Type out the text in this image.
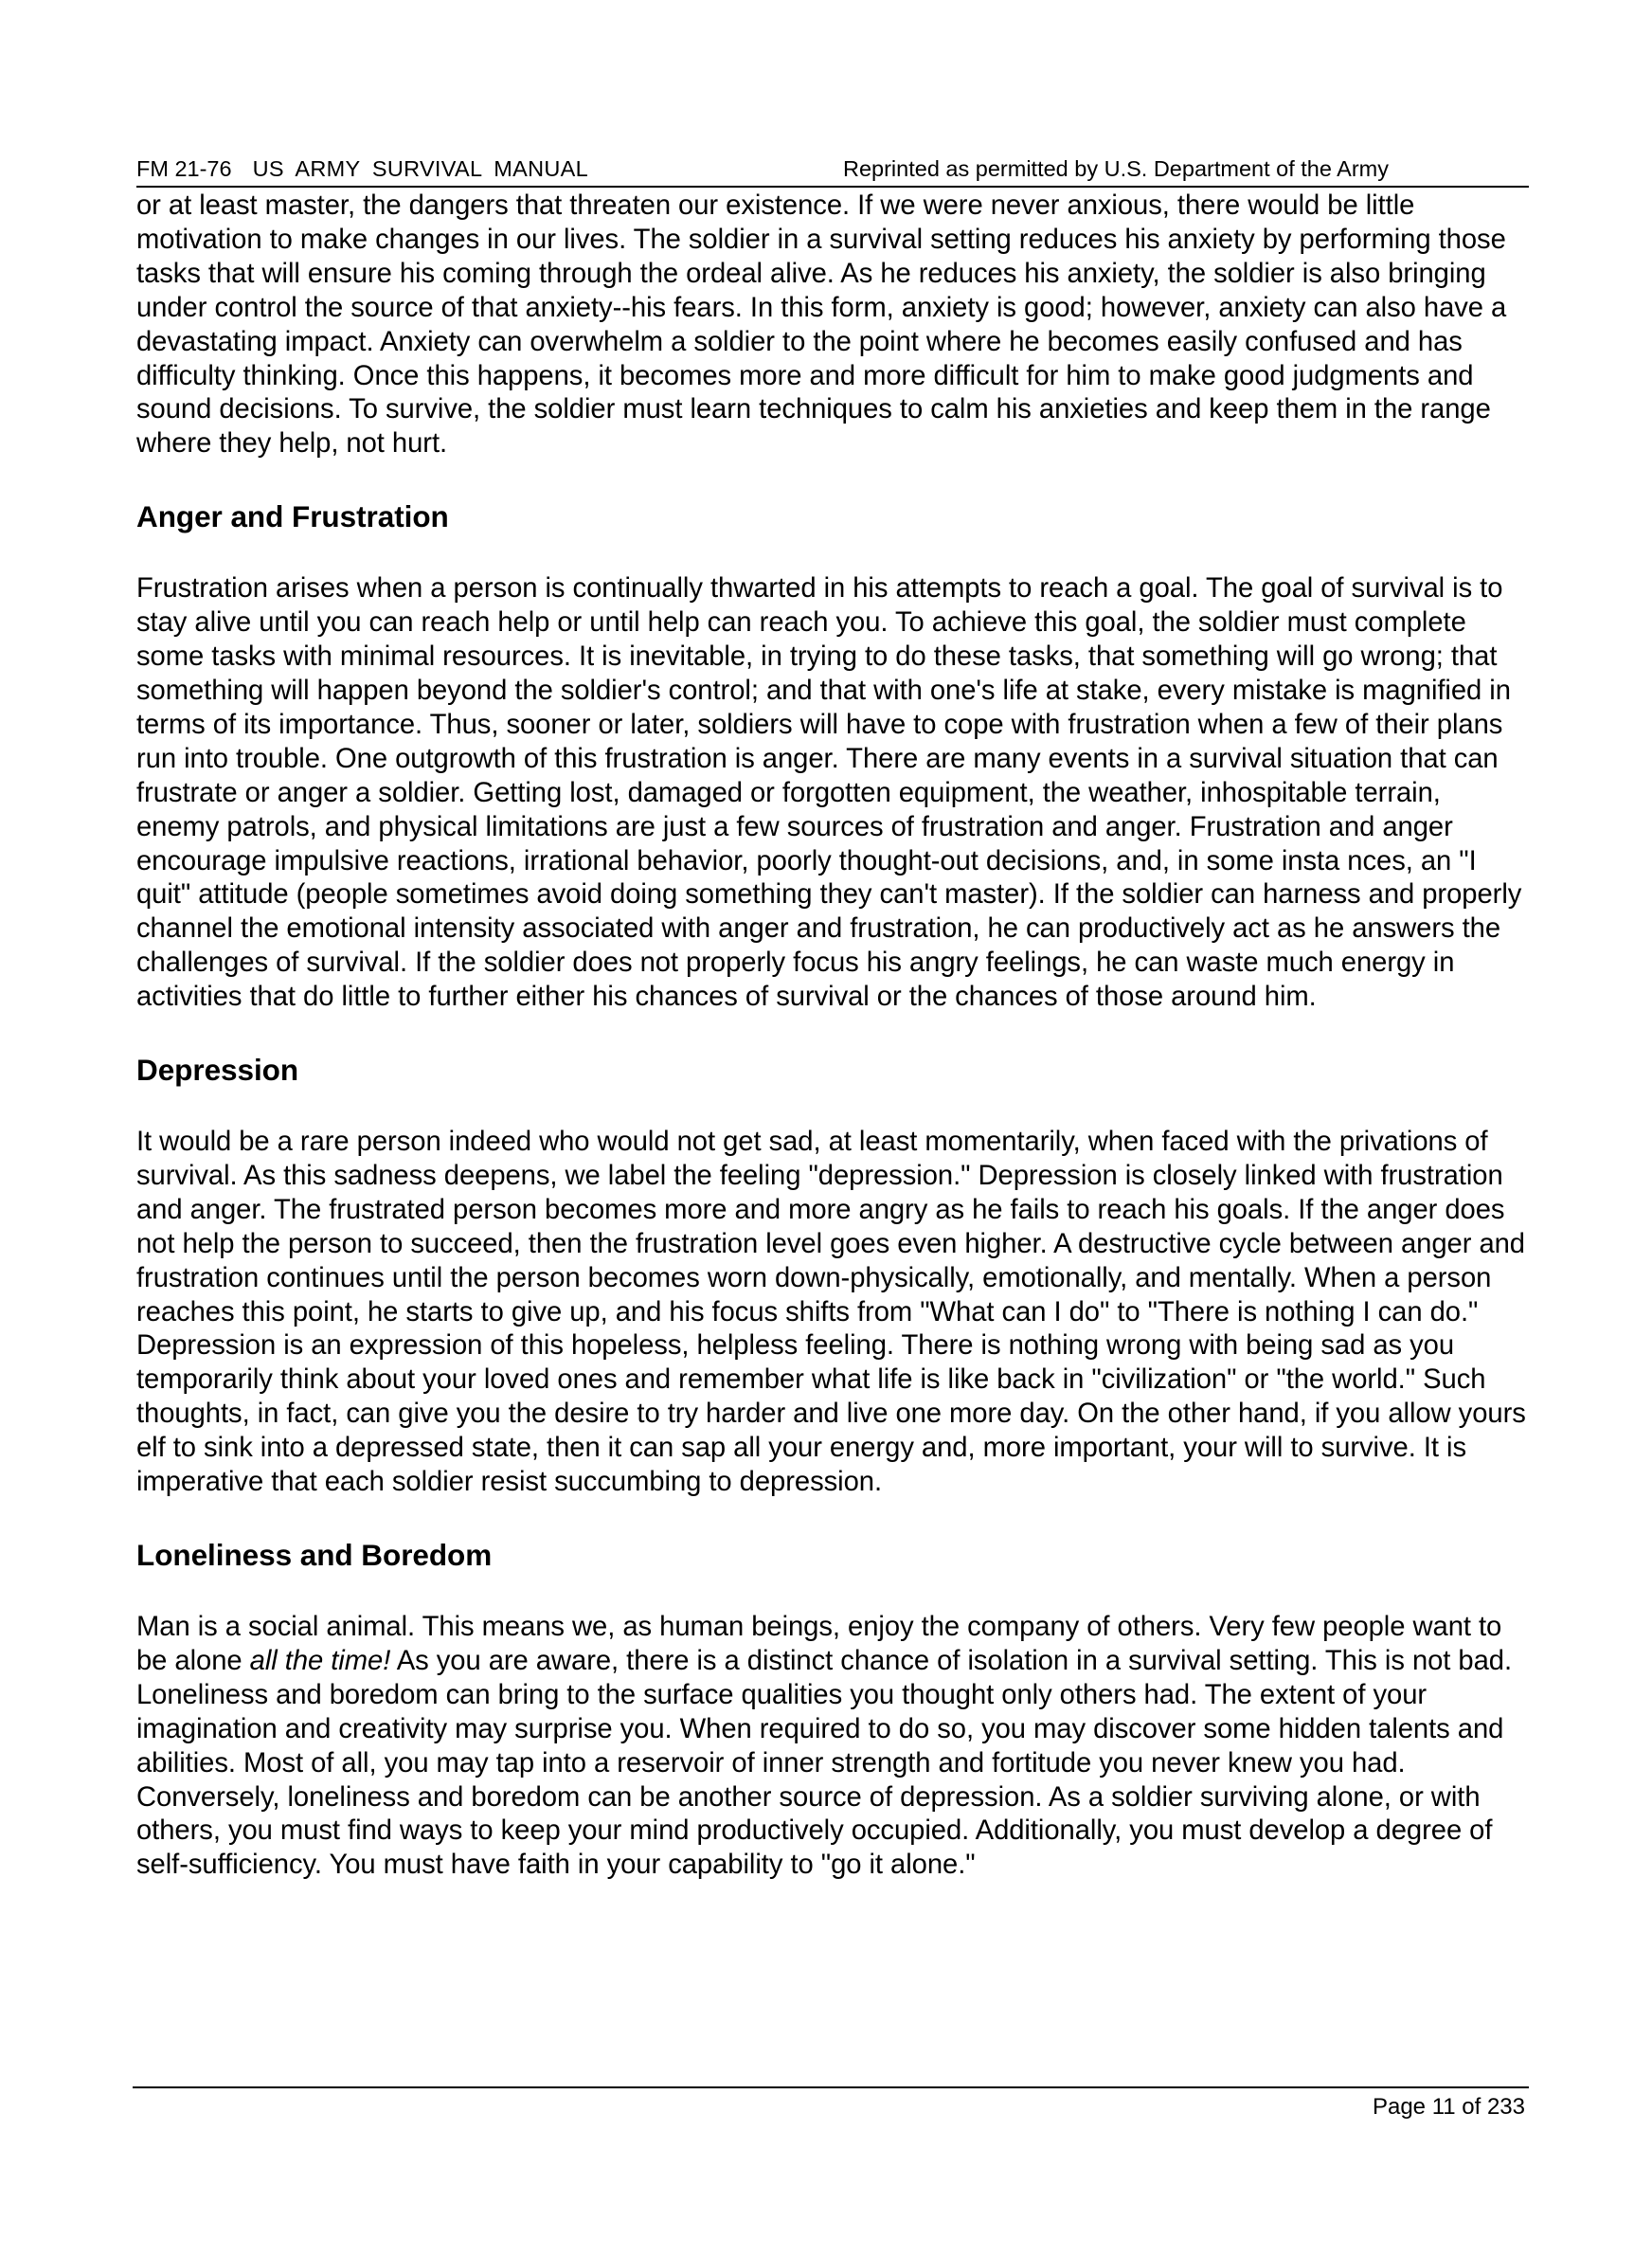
FM 21-76 US ARMY SURVIVAL MANUAL	Reprinted as permitted by U.S. Department of the Army

or at least master, the dangers that threaten our existence. If we were never anxious, there would be little motivation to make changes in our lives. The soldier in a survival setting reduces his anxiety by performing those tasks that will ensure his coming through the ordeal alive. As he reduces his anxiety, the soldier is also bringing under control the source of that anxiety--his fears. In this form, anxiety is good; however, anxiety can also have a devastating impact. Anxiety can overwhelm a soldier to the point where he becomes easily confused and has difficulty thinking. Once this happens, it becomes more and more difficult for him to make good judgments and sound decisions. To survive, the soldier must learn techniques to calm his anxieties and keep them in the range where they help, not hurt.

Anger and Frustration

Frustration arises when a person is continually thwarted in his attempts to reach a goal. The goal of survival is to stay alive until you can reach help or until help can reach you. To achieve this goal, the soldier must complete some tasks with minimal resources. It is inevitable, in trying to do these tasks, that something will go wrong; that something will happen beyond the soldier's control; and that with one's life at stake, every mistake is magnified in terms of its importance. Thus, sooner or later, soldiers will have to cope with frustration when a few of their plans run into trouble. One outgrowth of this frustration is anger. There are many events in a survival situation that can frustrate or anger a soldier. Getting lost, damaged or forgotten equipment, the weather, inhospitable terrain, enemy patrols, and physical limitations are just a few sources of frustration and anger. Frustration and anger encourage impulsive reactions, irrational behavior, poorly thought-out decisions, and, in some insta nces, an "I quit" attitude (people sometimes avoid doing something they can't master). If the soldier can harness and properly channel the emotional intensity associated with anger and frustration, he can productively act as he answers the challenges of survival. If the soldier does not properly focus his angry feelings, he can waste much energy in activities that do little to further either his chances of survival or the chances of those around him.

Depression

It would be a rare person indeed who would not get sad, at least momentarily, when faced with the privations of survival. As this sadness deepens, we label the feeling "depression." Depression is closely linked with frustration and anger. The frustrated person becomes more and more angry as he fails to reach his goals. If the anger does not help the person to succeed, then the frustration level goes even higher. A destructive cycle between anger and frustration continues until the person becomes worn down-physically, emotionally, and mentally. When a person reaches this point, he starts to give up, and his focus shifts from "What can I do" to "There is nothing I can do." Depression is an expression of this hopeless, helpless feeling. There is nothing wrong with being sad as you temporarily think about your loved ones and remember what life is like back in "civilization" or "the world." Such thoughts, in fact, can give you the desire to try harder and live one more day. On the other hand, if you allow yours elf to sink into a depressed state, then it can sap all your energy and, more important, your will to survive. It is imperative that each soldier resist succumbing to depression.

Loneliness and Boredom

Man is a social animal. This means we, as human beings, enjoy the company of others. Very few people want to be alone all the time! As you are aware, there is a distinct chance of isolation in a survival setting. This is not bad. Loneliness and boredom can bring to the surface qualities you thought only others had. The extent of your imagination and creativity may surprise you. When required to do so, you may discover some hidden talents and abilities. Most of all, you may tap into a reservoir of inner strength and fortitude you never knew you had. Conversely, loneliness and boredom can be another source of depression. As a soldier surviving alone, or with others, you must find ways to keep your mind productively occupied. Additionally, you must develop a degree of self-sufficiency. You must have faith in your capability to "go it alone."

Page 11 of 233
